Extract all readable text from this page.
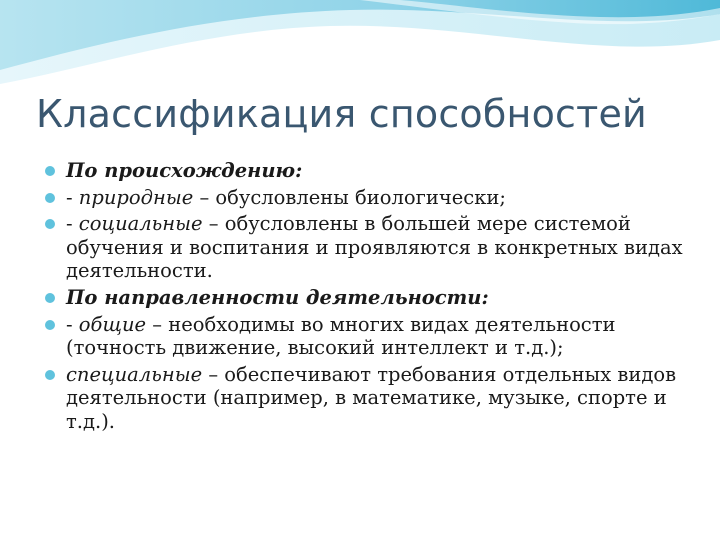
Классификация способностей
По происхождению:
- природные – обусловлены биологически;
- социальные – обусловлены в большей мере системой обучения и воспитания и проявляются в конкретных видах деятельности.
По направленности деятельности:
- общие – необходимы во многих видах деятельности (точность движение, высокий интеллект и т.д.);
специальные – обеспечивают требования отдельных видов деятельности (например, в математике, музыке, спорте и т.д.).
